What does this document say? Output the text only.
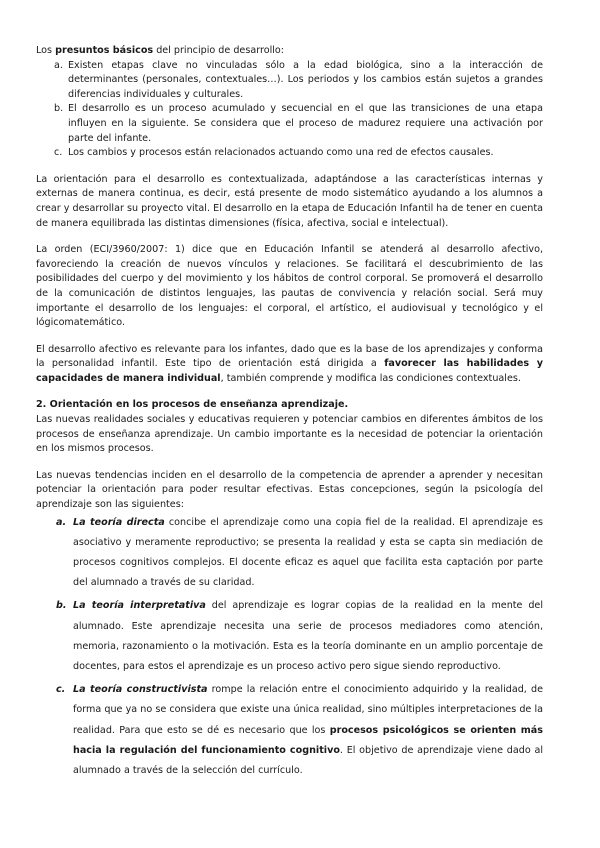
Los presuntos básicos del principio de desarrollo:

a. Existen etapas clave no vinculadas sólo a la edad biológica, sino a la interacción de determinantes (personales, contextuales…). Los periodos y los cambios están sujetos a grandes diferencias individuales y culturales.
b. El desarrollo es un proceso acumulado y secuencial en el que las transiciones de una etapa influyen en la siguiente. Se considera que el proceso de madurez requiere una activación por parte del infante.
c. Los cambios y procesos están relacionados actuando como una red de efectos causales.

La orientación para el desarrollo es contextualizada, adaptándose a las características internas y externas de manera continua, es decir, está presente de modo sistemático ayudando a los alumnos a crear y desarrollar su proyecto vital. El desarrollo en la etapa de Educación Infantil ha de tener en cuenta de manera equilibrada las distintas dimensiones (física, afectiva, social e intelectual).

La orden (ECI/3960/2007: 1) dice que en Educación Infantil se atenderá al desarrollo afectivo, favoreciendo la creación de nuevos vínculos y relaciones. Se facilitará el descubrimiento de las posibilidades del cuerpo y del movimiento y los hábitos de control corporal. Se promoverá el desarrollo de la comunicación de distintos lenguajes, las pautas de convivencia y relación social. Será muy importante el desarrollo de los lenguajes: el corporal, el artístico, el audiovisual y tecnológico y el lógicomatemático.

El desarrollo afectivo es relevante para los infantes, dado que es la base de los aprendizajes y conforma la personalidad infantil. Este tipo de orientación está dirigida a favorecer las habilidades y capacidades de manera individual, también comprende y modifica las condiciones contextuales.

2. Orientación en los procesos de enseñanza aprendizaje.

Las nuevas realidades sociales y educativas requieren y potenciar cambios en diferentes ámbitos de los procesos de enseñanza aprendizaje. Un cambio importante es la necesidad de potenciar la orientación en los mismos procesos.

Las nuevas tendencias inciden en el desarrollo de la competencia de aprender a aprender y necesitan potenciar la orientación para poder resultar efectivas. Estas concepciones, según la psicología del aprendizaje son las siguientes:

a. La teoría directa concibe el aprendizaje como una copia fiel de la realidad. El aprendizaje es asociativo y meramente reproductivo; se presenta la realidad y esta se capta sin mediación de procesos cognitivos complejos. El docente eficaz es aquel que facilita esta captación por parte del alumnado a través de su claridad.
b. La teoría interpretativa del aprendizaje es lograr copias de la realidad en la mente del alumnado. Este aprendizaje necesita una serie de procesos mediadores como atención, memoria, razonamiento o la motivación. Esta es la teoría dominante en un amplio porcentaje de docentes, para estos el aprendizaje es un proceso activo pero sigue siendo reproductivo.
c. La teoría constructivista rompe la relación entre el conocimiento adquirido y la realidad, de forma que ya no se considera que existe una única realidad, sino múltiples interpretaciones de la realidad. Para que esto se dé es necesario que los procesos psicológicos se orienten más hacia la regulación del funcionamiento cognitivo. El objetivo de aprendizaje viene dado al alumnado a través de la selección del currículo.
